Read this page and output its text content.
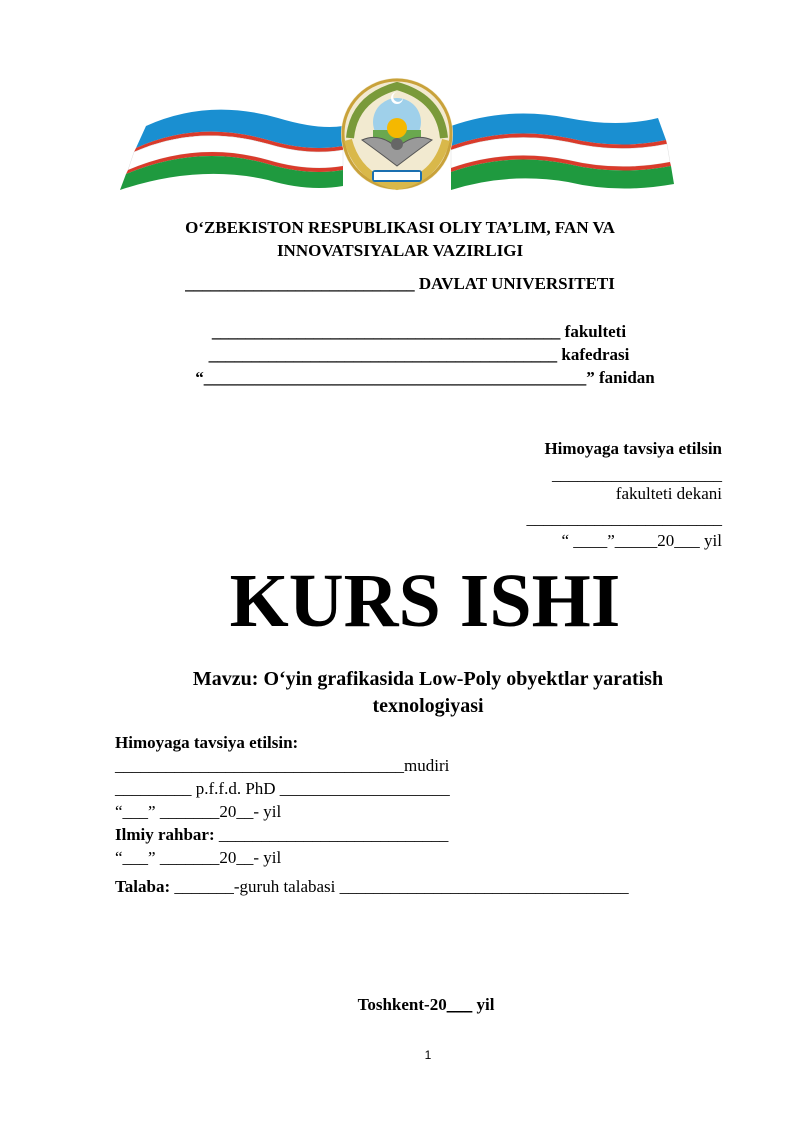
O‘ZBEKISTON RESPUBLIKASI OLIY TA’LIM, FAN VA
INNOVATSIYALAR VAZIRLIGI
___________________________ DAVLAT UNIVERSITETI
_________________________________________ fakulteti
_________________________________________ kafedrasi
“_____________________________________________” fanidan
Himoyaga tavsiya etilsin
____________________
fakulteti dekani
_______________________
“ ____”_____20___ yil
KURS ISHI
Mavzu: O‘yin grafikasida Low-Poly obyektlar yaratish
texnologiyasi
Himoyaga tavsiya etilsin:
__________________________________mudiri
_________ p.f.f.d. PhD ____________________
“___” _______20__- yil
Ilmiy rahbar: ___________________________
“___” _______20__- yil
Talaba: _______-guruh talabasi __________________________________
Toshkent-20___ yil
1
